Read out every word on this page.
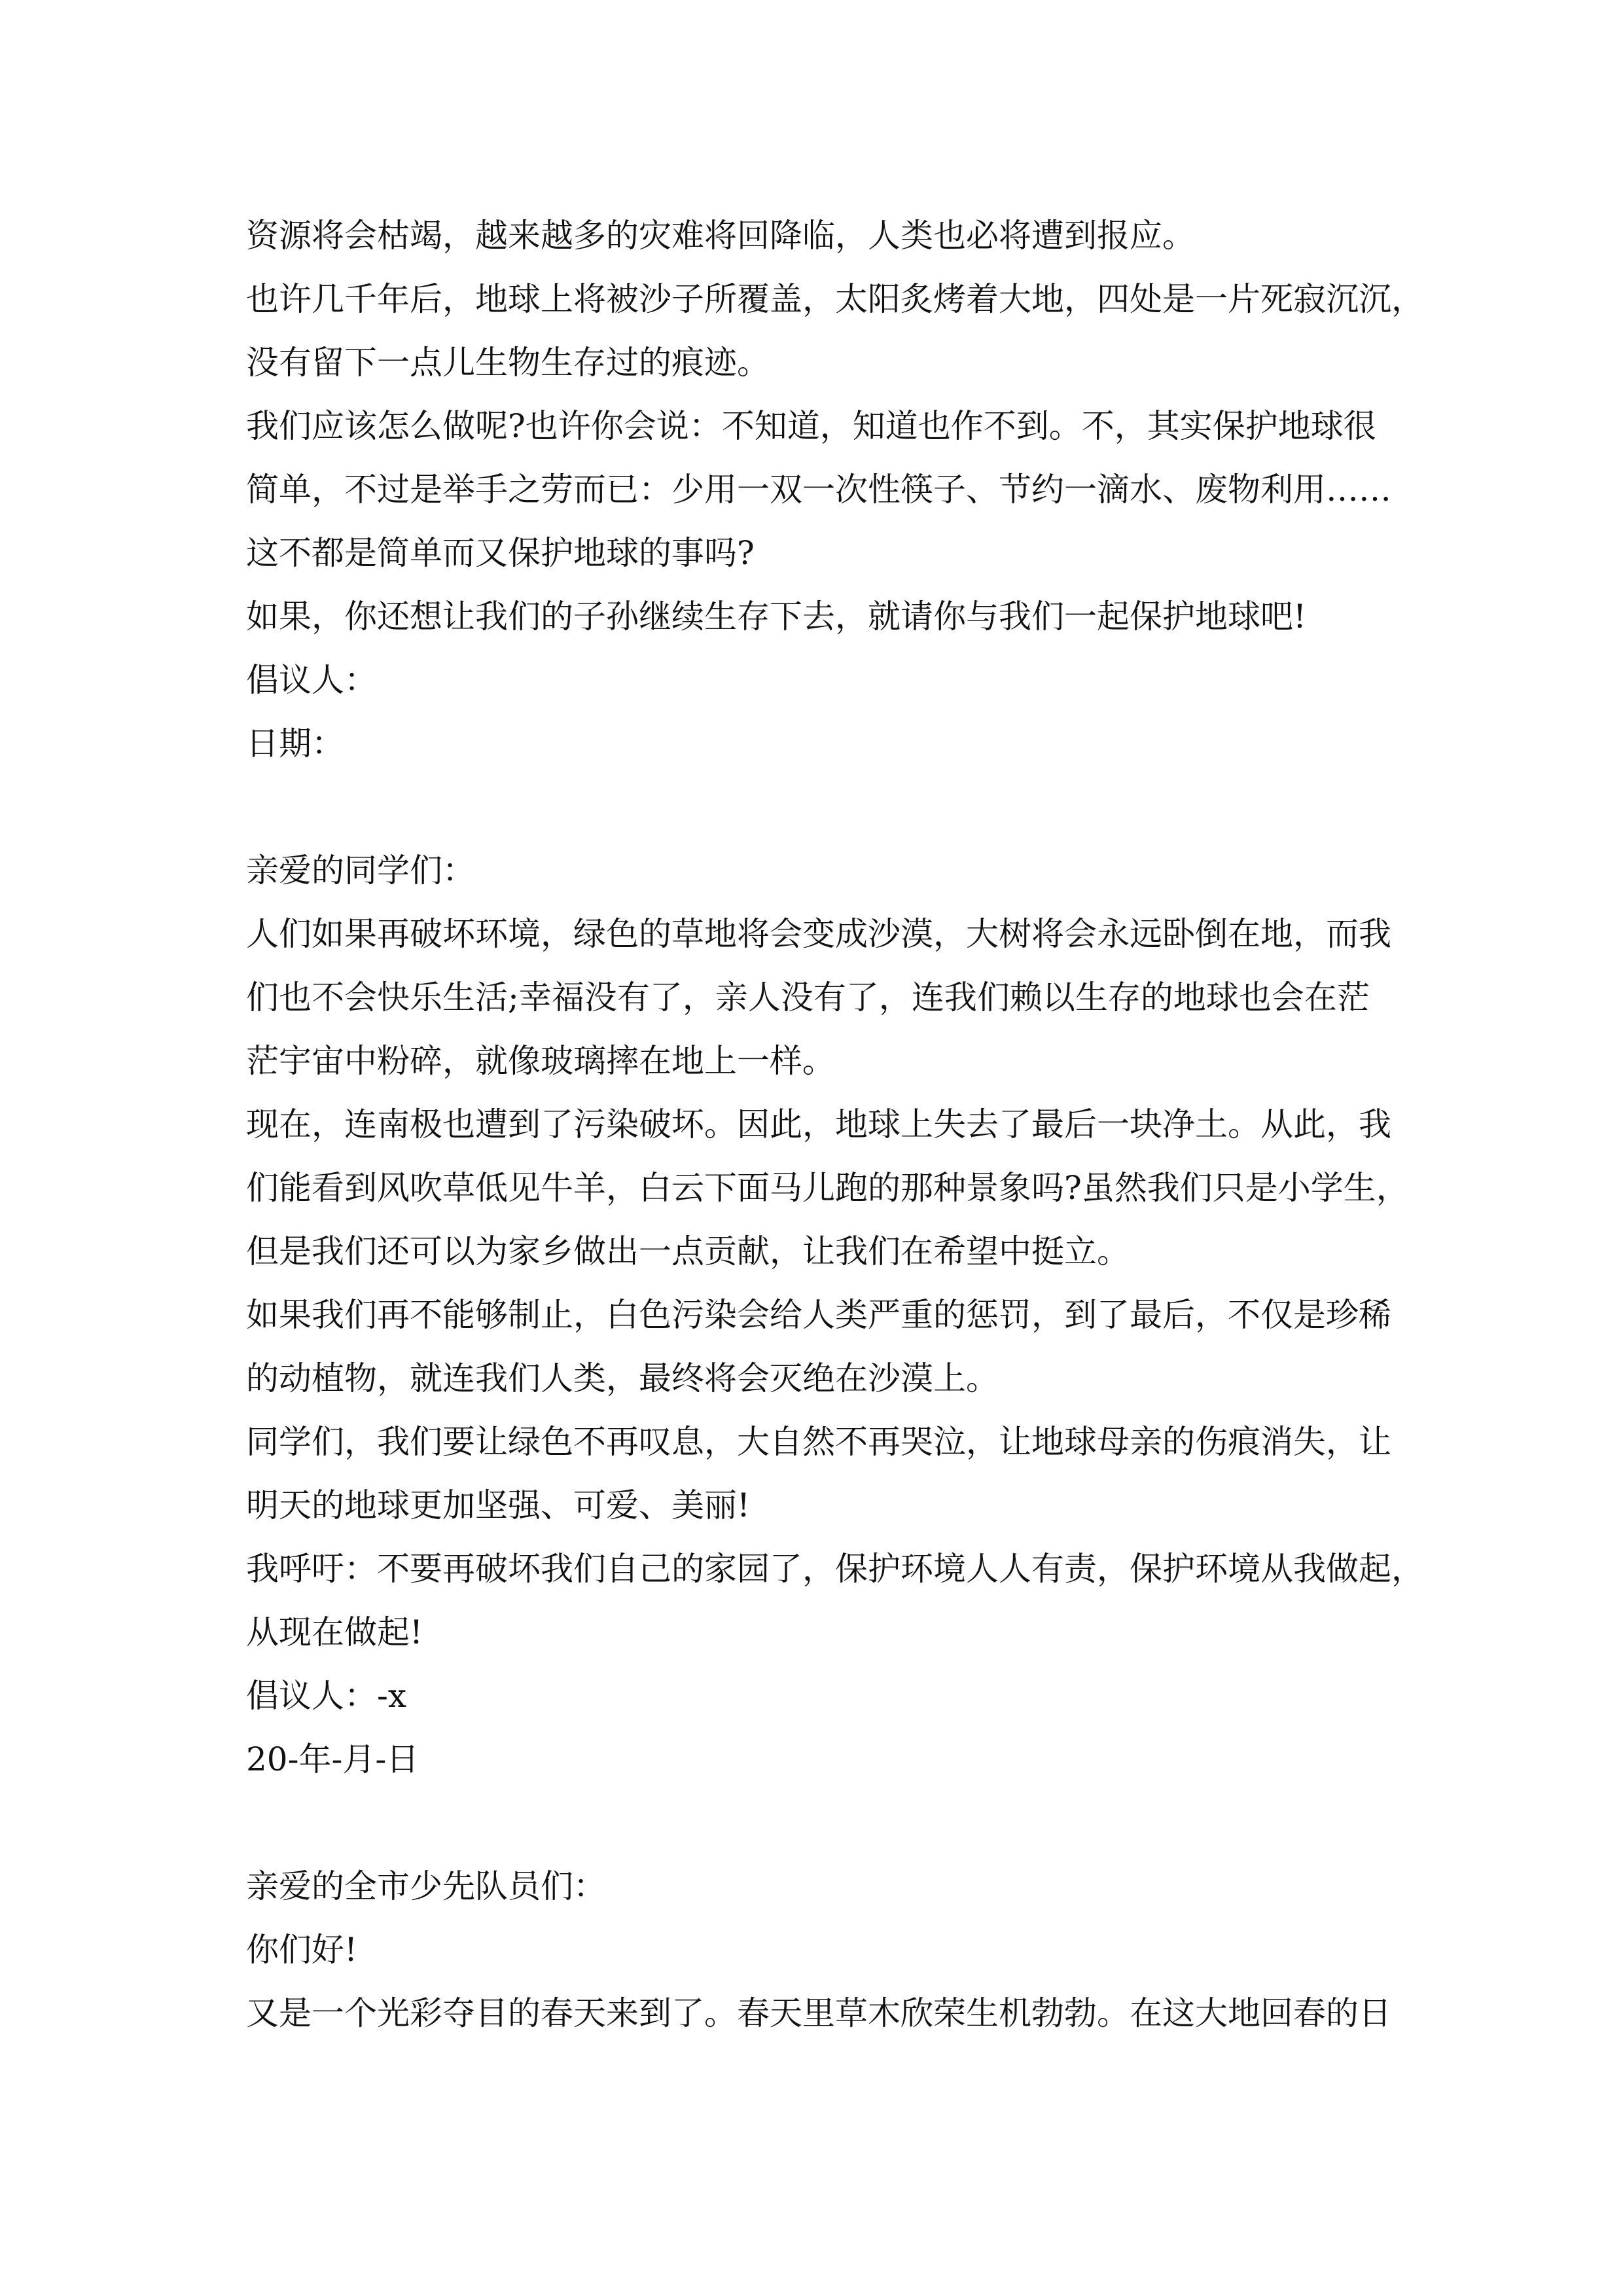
资源将会枯竭，越来越多的灾难将回降临，人类也必将遭到报应。
也许几千年后，地球上将被沙子所覆盖，太阳炙烤着大地，四处是一片死寂沉沉，
没有留下一点儿生物生存过的痕迹。
我们应该怎么做呢?也许你会说：不知道，知道也作不到。不，其实保护地球很
简单，不过是举手之劳而已：少用一双一次性筷子、节约一滴水、废物利用……
这不都是简单而又保护地球的事吗?
如果，你还想让我们的子孙继续生存下去，就请你与我们一起保护地球吧!
倡议人：
日期：
亲爱的同学们：
人们如果再破坏环境，绿色的草地将会变成沙漠，大树将会永远卧倒在地，而我
们也不会快乐生活;幸福没有了，亲人没有了，连我们赖以生存的地球也会在茫
茫宇宙中粉碎，就像玻璃摔在地上一样。
现在，连南极也遭到了污染破坏。因此，地球上失去了最后一块净土。从此，我
们能看到风吹草低见牛羊，白云下面马儿跑的那种景象吗?虽然我们只是小学生，
但是我们还可以为家乡做出一点贡献，让我们在希望中挺立。
如果我们再不能够制止，白色污染会给人类严重的惩罚，到了最后，不仅是珍稀
的动植物，就连我们人类，最终将会灭绝在沙漠上。
同学们，我们要让绿色不再叹息，大自然不再哭泣，让地球母亲的伤痕消失，让
明天的地球更加坚强、可爱、美丽!
我呼吁：不要再破坏我们自己的家园了，保护环境人人有责，保护环境从我做起，
从现在做起!
倡议人：-x
20-年-月-日
亲爱的全市少先队员们：
你们好!
又是一个光彩夺目的春天来到了。春天里草木欣荣生机勃勃。在这大地回春的日
